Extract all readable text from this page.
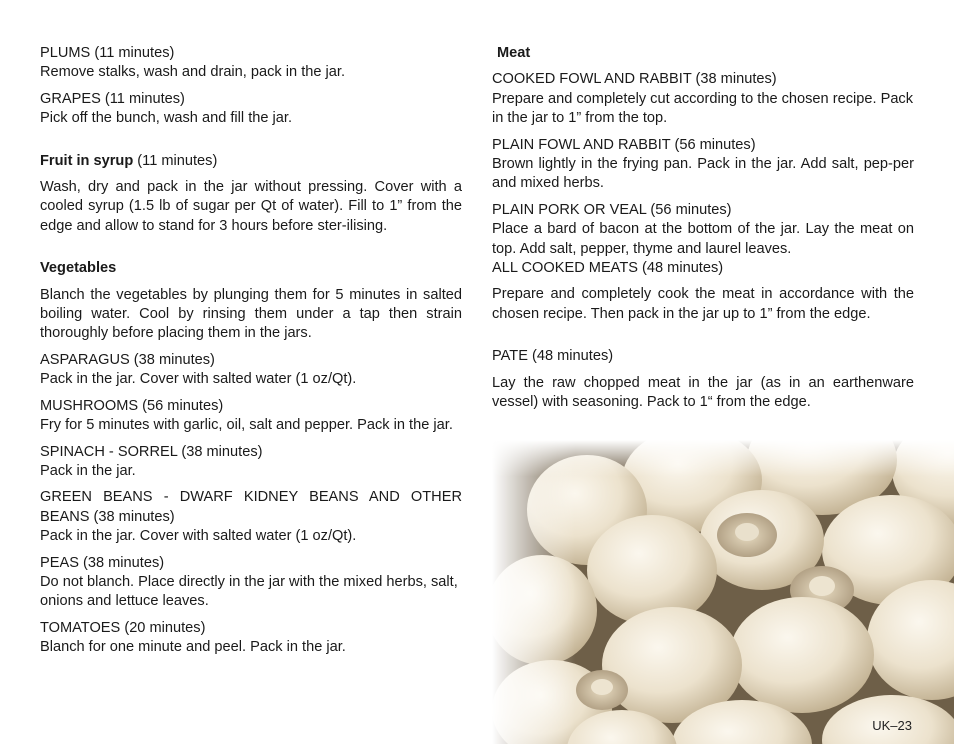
PLUMS (11 minutes)
Remove stalks, wash and drain, pack in the jar.
GRAPES (11 minutes)
Pick off the bunch, wash and fill the jar.

Fruit in syrup (11 minutes)

Wash, dry and pack in the jar without pressing. Cover with a cooled syrup (1.5 lb of sugar per Qt of water). Fill to 1” from the edge and allow to stand for 3 hours before ster-ilising.

Vegetables

Blanch the vegetables by plunging them for 5 minutes in salted boiling water. Cool by rinsing them under a tap then strain thoroughly before placing them in the jars.

ASPARAGUS (38 minutes)
Pack in the jar. Cover with salted water (1 oz/Qt).
MUSHROOMS (56 minutes)
Fry for 5 minutes with garlic, oil, salt and pepper. Pack in the jar.
SPINACH - SORREL (38 minutes)
Pack in the jar.
GREEN BEANS - DWARF KIDNEY BEANS AND OTHER BEANS (38 minutes)
Pack in the jar. Cover with salted water (1 oz/Qt).
PEAS (38 minutes)
Do not blanch. Place directly in the jar with the mixed herbs, salt, onions and lettuce leaves.
TOMATOES (20 minutes)
Blanch for one minute and peel. Pack in the jar.

Meat

COOKED FOWL AND RABBIT (38 minutes)
Prepare and completely cut according to the chosen recipe. Pack in the jar to 1” from the top.
PLAIN FOWL AND RABBIT (56 minutes)
Brown lightly in the frying pan. Pack in the jar. Add salt, pep-per and mixed herbs.
PLAIN PORK OR VEAL (56 minutes)
Place a bard of bacon at the bottom of the jar. Lay the meat on top. Add salt, pepper, thyme and laurel leaves.
ALL COOKED MEATS (48 minutes)
Prepare and completely cook the meat in accordance with the chosen recipe. Then pack in the jar up to 1” from the edge.
PATE (48 minutes)
Lay the raw chopped meat in the jar (as in an earthenware vessel) with seasoning. Pack to 1“ from the edge.
UK–23
